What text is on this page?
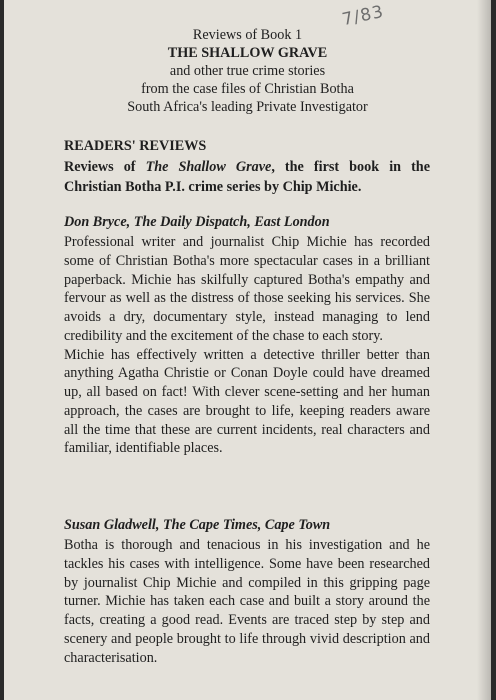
7/83
Reviews of Book 1
THE SHALLOW GRAVE
and other true crime stories
from the case files of Christian Botha
South Africa's leading Private Investigator
READERS' REVIEWS
Reviews of The Shallow Grave, the first book in the Christian Botha P.I. crime series by Chip Michie.
Don Bryce, The Daily Dispatch, East London

Professional writer and journalist Chip Michie has recorded some of Christian Botha's more spectacular cases in a brilliant paperback. Michie has skilfully captured Botha's empathy and fervour as well as the distress of those seeking his services. She avoids a dry, documentary style, instead managing to lend credibility and the excitement of the chase to each story.

Michie has effectively written a detective thriller better than anything Agatha Christie or Conan Doyle could have dreamed up, all based on fact! With clever scene-setting and her human approach, the cases are brought to life, keeping readers aware all the time that these are current incidents, real characters and familiar, identifiable places.

Susan Gladwell, The Cape Times, Cape Town

Botha is thorough and tenacious in his investigation and he tackles his cases with intelligence. Some have been researched by journalist Chip Michie and compiled in this gripping page turner. Michie has taken each case and built a story around the facts, creating a good read. Events are traced step by step and scenery and people brought to life through vivid description and characterisation.
